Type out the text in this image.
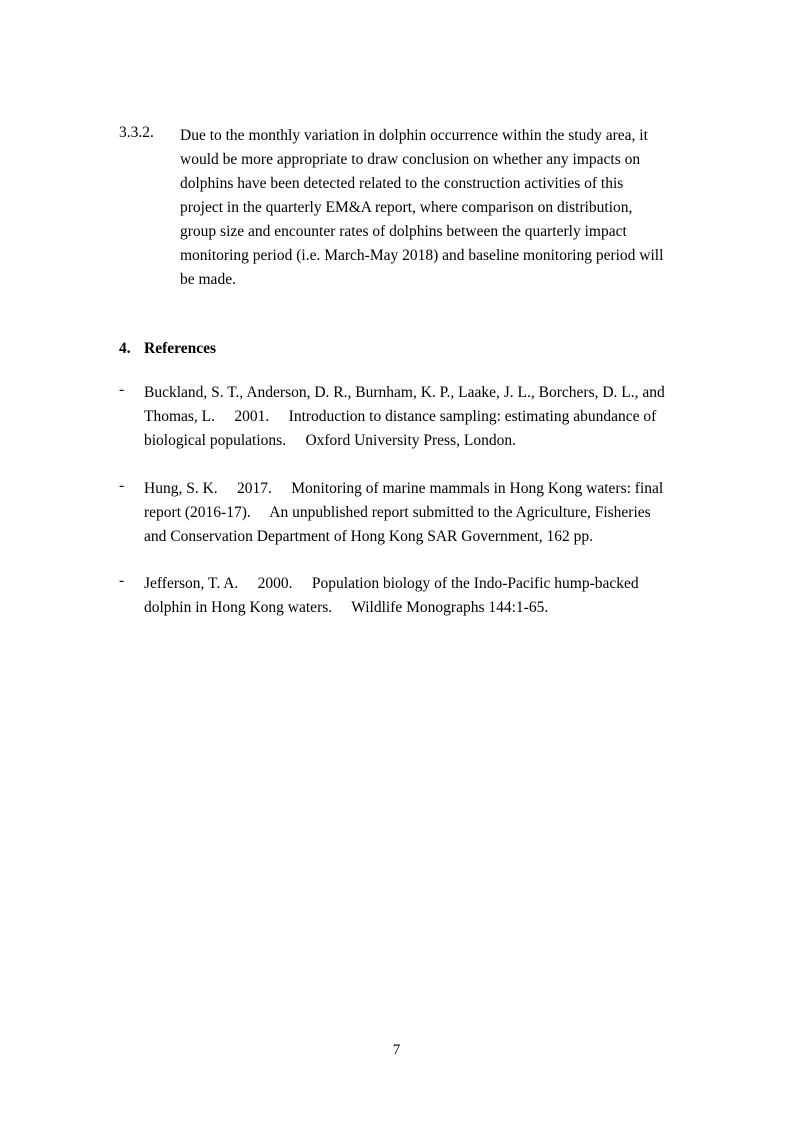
3.3.2.	Due to the monthly variation in dolphin occurrence within the study area, it
would be more appropriate to draw conclusion on whether any impacts on
dolphins have been detected related to the construction activities of this
project in the quarterly EM&A report, where comparison on distribution,
group size and encounter rates of dolphins between the quarterly impact
monitoring period (i.e. March-May 2018) and baseline monitoring period will
be made.
4. References
-	Buckland, S. T., Anderson, D. R., Burnham, K. P., Laake, J. L., Borchers, D. L., and
Thomas, L.  2001.  Introduction to distance sampling: estimating abundance of
biological populations.  Oxford University Press, London.
-	Hung, S. K.  2017.  Monitoring of marine mammals in Hong Kong waters: final
report (2016-17).  An unpublished report submitted to the Agriculture, Fisheries
and Conservation Department of Hong Kong SAR Government, 162 pp.
-	Jefferson, T. A.  2000.  Population biology of the Indo-Pacific hump-backed
dolphin in Hong Kong waters.  Wildlife Monographs 144:1-65.
7
